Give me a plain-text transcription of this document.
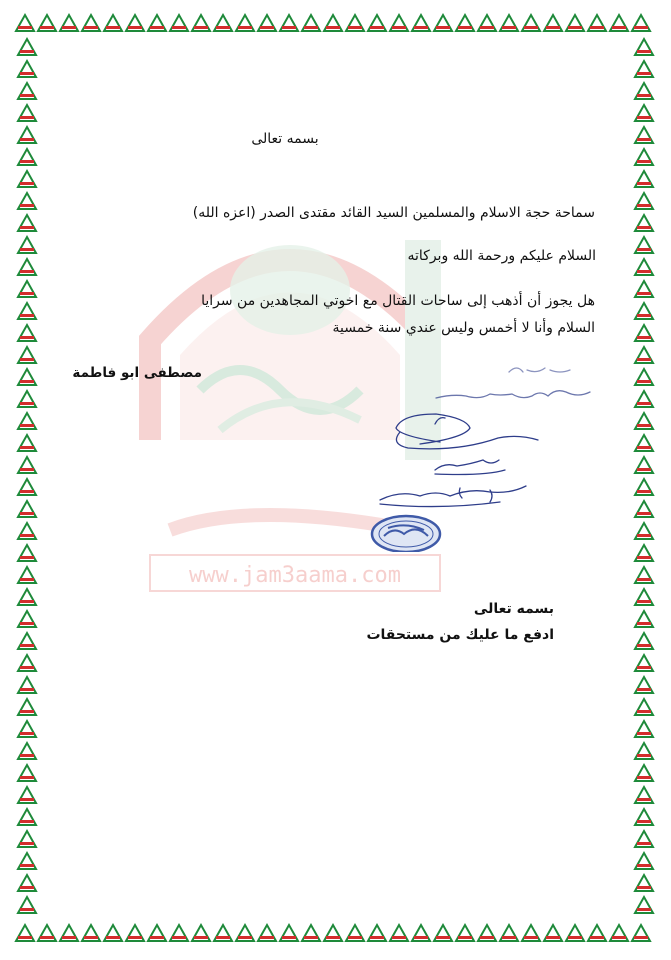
www.jam3aama.com
بسمه تعالى
سماحة حجة الاسلام والمسلمين السيد القائد مقتدى الصدر (اعزه الله)
السلام عليكم ورحمة الله وبركاته
هل يجوز أن أذهب إلى ساحات القتال مع اخوتي المجاهدين من سرايا السلام وأنا لا أخمس وليس عندي سنة خمسية
مصطفى ابو فاطمة
بسمه تعالى
ادفع ما عليك من مستحقات
